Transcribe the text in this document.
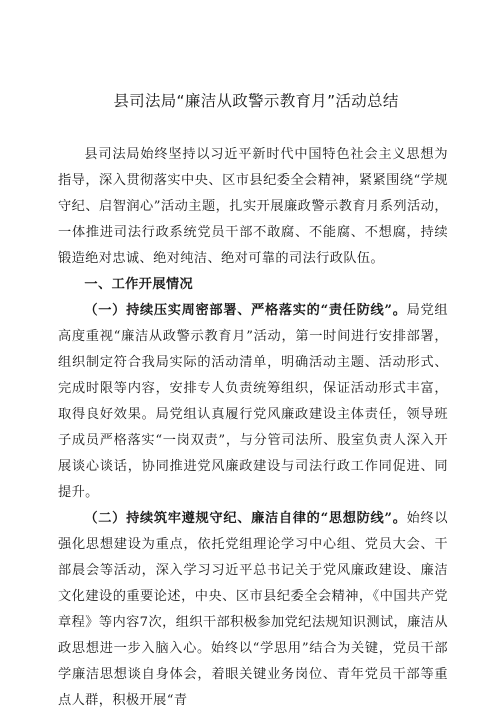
县司法局“廉洁从政警示教育月”活动总结

县司法局始终坚持以习近平新时代中国特色社会主义思想为指导，深入贯彻落实中央、区市县纪委全会精神，紧紧围绕“学规守纪、启智润心”活动主题，扎实开展廉政警示教育月系列活动，一体推进司法行政系统党员干部不敢腐、不能腐、不想腐，持续锻造绝对忠诚、绝对纯洁、绝对可靠的司法行政队伍。

一、工作开展情况

（一）持续压实周密部署、严格落实的“责任防线”。局党组高度重视“廉洁从政警示教育月”活动，第一时间进行安排部署，组织制定符合我局实际的活动清单，明确活动主题、活动形式、完成时限等内容，安排专人负责统筹组织，保证活动形式丰富，取得良好效果。局党组认真履行党风廉政建设主体责任，领导班子成员严格落实“一岗双责”，与分管司法所、股室负责人深入开展谈心谈话，协同推进党风廉政建设与司法行政工作同促进、同提升。

（二）持续筑牢遵规守纪、廉洁自律的“思想防线”。始终以强化思想建设为重点，依托党组理论学习中心组、党员大会、干部晨会等活动，深入学习习近平总书记关于党风廉政建设、廉洁文化建设的重要论述，中央、区市县纪委全会精神，《中国共产党章程》等内容7次，组织干部积极参加党纪法规知识测试，廉洁从政思想进一步入脑入心。始终以“学思用”结合为关键，党员干部学廉洁思想谈自身体会，着眼关键业务岗位、青年党员干部等重点人群，积极开展“青
